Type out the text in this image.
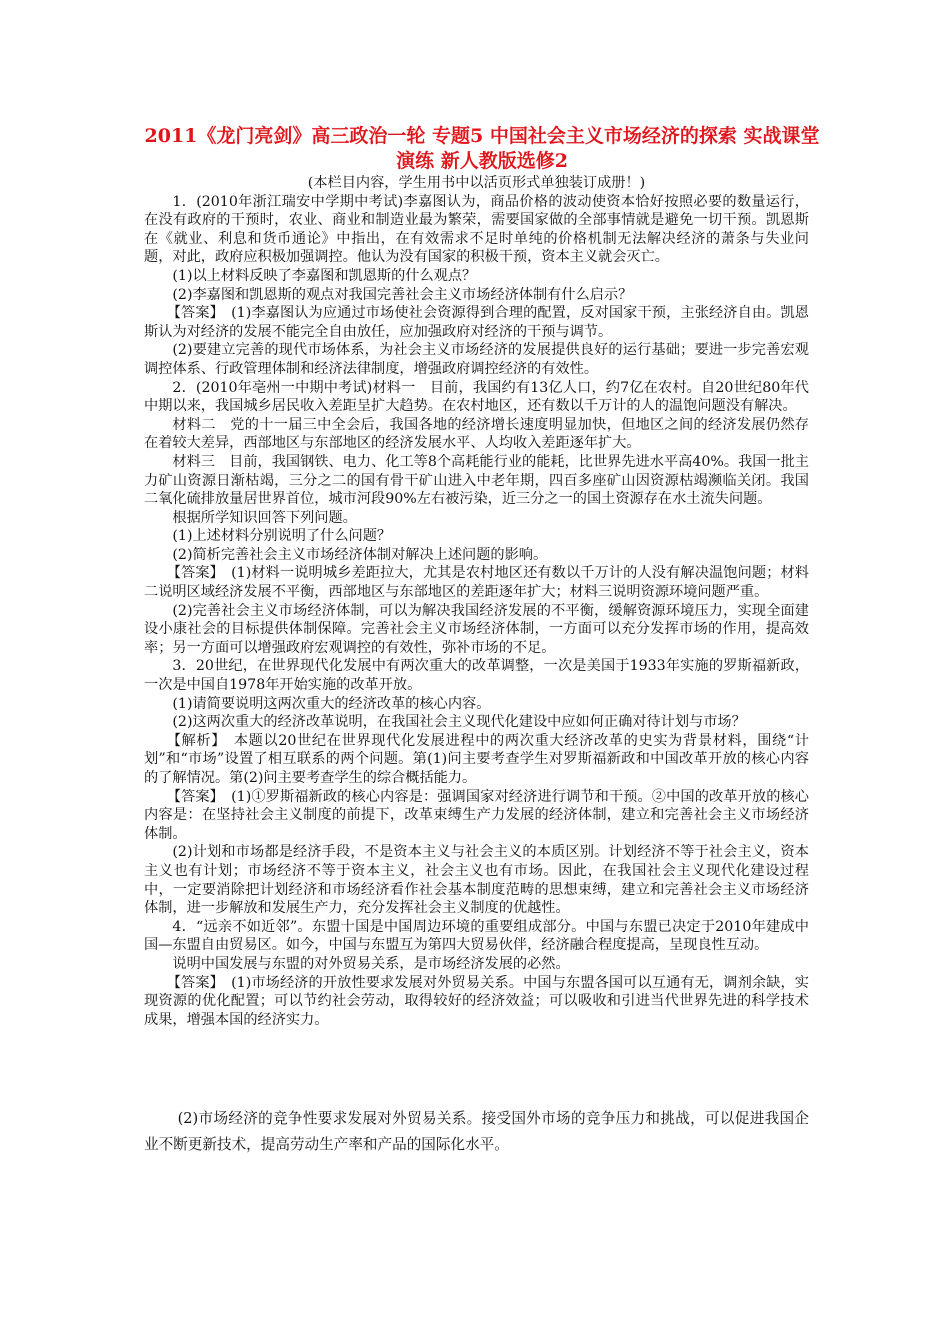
2011《龙门亮剑》高三政治一轮 专题5 中国社会主义市场经济的探索 实战课堂演练 新人教版选修2

(本栏目内容，学生用书中以活页形式单独装订成册！)

1．(2010年浙江瑞安中学期中考试)李嘉图认为，商品价格的波动使资本恰好按照必要的数量运行，在没有政府的干预时，农业、商业和制造业最为繁荣，需要国家做的全部事情就是避免一切干预。凯恩斯在《就业、利息和货币通论》中指出，在有效需求不足时单纯的价格机制无法解决经济的萧条与失业问题，对此，政府应积极加强调控。他认为没有国家的积极干预，资本主义就会灭亡。

(1)以上材料反映了李嘉图和凯恩斯的什么观点？

(2)李嘉图和凯恩斯的观点对我国完善社会主义市场经济体制有什么启示？

【答案】　(1)李嘉图认为应通过市场使社会资源得到合理的配置，反对国家干预，主张经济自由。凯恩斯认为对经济的发展不能完全自由放任，应加强政府对经济的干预与调节。

(2)要建立完善的现代市场体系，为社会主义市场经济的发展提供良好的运行基础；要进一步完善宏观调控体系、行政管理体制和经济法律制度，增强政府调控经济的有效性。

2．(2010年亳州一中期中考试)材料一　目前，我国约有13亿人口，约7亿在农村。自20世纪80年代中期以来，我国城乡居民收入差距呈扩大趋势。在农村地区，还有数以千万计的人的温饱问题没有解决。

材料二　党的十一届三中全会后，我国各地的经济增长速度明显加快，但地区之间的经济发展仍然存在着较大差异，西部地区与东部地区的经济发展水平、人均收入差距逐年扩大。

材料三　目前，我国钢铁、电力、化工等8个高耗能行业的能耗，比世界先进水平高40%。我国一批主力矿山资源日渐枯竭，三分之二的国有骨干矿山进入中老年期，四百多座矿山因资源枯竭濒临关闭。我国二氧化硫排放量居世界首位，城市河段90%左右被污染，近三分之一的国土资源存在水土流失问题。

根据所学知识回答下列问题。

(1)上述材料分别说明了什么问题？

(2)简析完善社会主义市场经济体制对解决上述问题的影响。

【答案】　(1)材料一说明城乡差距拉大，尤其是农村地区还有数以千万计的人没有解决温饱问题；材料二说明区域经济发展不平衡，西部地区与东部地区的差距逐年扩大；材料三说明资源环境问题严重。

(2)完善社会主义市场经济体制，可以为解决我国经济发展的不平衡，缓解资源环境压力，实现全面建设小康社会的目标提供体制保障。完善社会主义市场经济体制，一方面可以充分发挥市场的作用，提高效率；另一方面可以增强政府宏观调控的有效性，弥补市场的不足。

3．20世纪，在世界现代化发展中有两次重大的改革调整，一次是美国于1933年实施的罗斯福新政，一次是中国自1978年开始实施的改革开放。

(1)请简要说明这两次重大的经济改革的核心内容。

(2)这两次重大的经济改革说明，在我国社会主义现代化建设中应如何正确对待计划与市场？

【解析】　本题以20世纪在世界现代化发展进程中的两次重大经济改革的史实为背景材料，围绕“计划”和“市场”设置了相互联系的两个问题。第(1)问主要考查学生对罗斯福新政和中国改革开放的核心内容的了解情况。第(2)问主要考查学生的综合概括能力。

【答案】　(1)①罗斯福新政的核心内容是：强调国家对经济进行调节和干预。②中国的改革开放的核心内容是：在坚持社会主义制度的前提下，改革束缚生产力发展的经济体制，建立和完善社会主义市场经济体制。

(2)计划和市场都是经济手段，不是资本主义与社会主义的本质区别。计划经济不等于社会主义，资本主义也有计划；市场经济不等于资本主义，社会主义也有市场。因此，在我国社会主义现代化建设过程中，一定要消除把计划经济和市场经济看作社会基本制度范畴的思想束缚，建立和完善社会主义市场经济体制，进一步解放和发展生产力，充分发挥社会主义制度的优越性。

4．“远亲不如近邻”。东盟十国是中国周边环境的重要组成部分。中国与东盟已决定于2010年建成中国—东盟自由贸易区。如今，中国与东盟互为第四大贸易伙伴，经济融合程度提高，呈现良性互动。

说明中国发展与东盟的对外贸易关系，是市场经济发展的必然。

【答案】　(1)市场经济的开放性要求发展对外贸易关系。中国与东盟各国可以互通有无，调剂余缺，实现资源的优化配置；可以节约社会劳动，取得较好的经济效益；可以吸收和引进当代世界先进的科学技术成果，增强本国的经济实力。

(2)市场经济的竞争性要求发展对外贸易关系。接受国外市场的竞争压力和挑战，可以促进我国企业不断更新技术，提高劳动生产率和产品的国际化水平。
